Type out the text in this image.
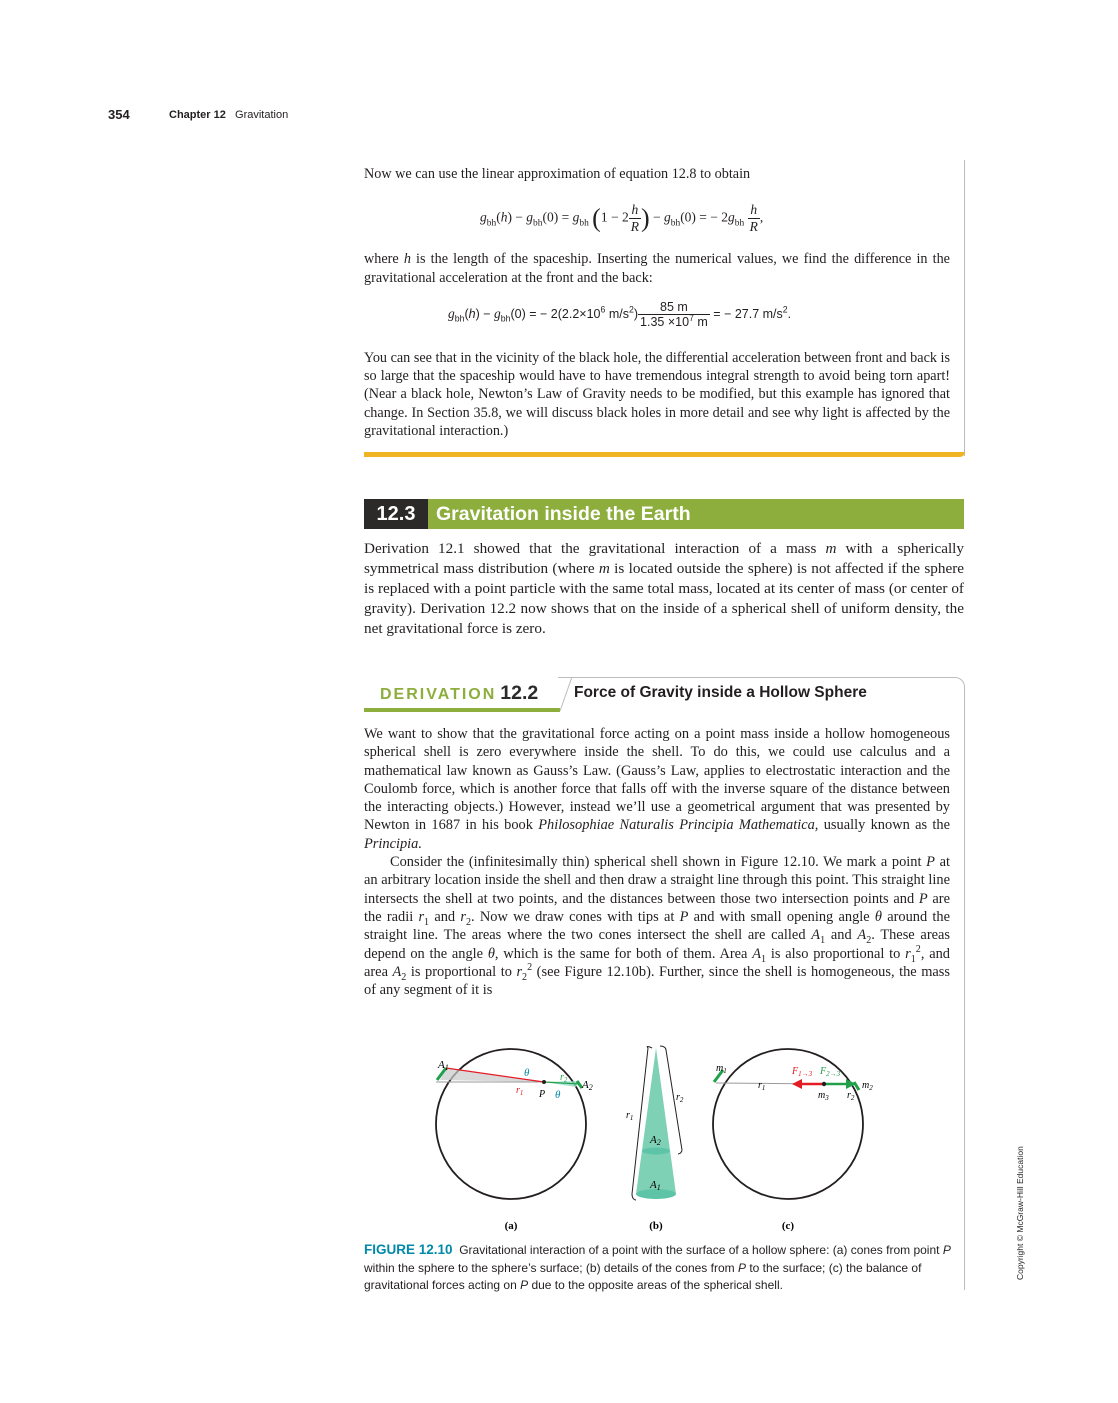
354	Chapter 12 Gravitation
Now we can use the linear approximation of equation 12.8 to obtain
$g_{bh}(h) - g_{bh}(0) = g_{bh}$ ($1 - 2 \frac{h}{R}$ ) − $g_{bh}(0)$ = − $2g_{bh} \frac{h}{R}$ ,
where h is the length of the spaceship. Inserting the numerical values, we find the difference in the gravitational acceleration at the front and the back:
$g_{bh}(h) - g_{bh}(0)$ = − $2(2.2\times 10^6$ $m/s^2) \frac{85 m}{1.35 \times 10^7 m}$ = − 27.7 $m/s^2$.
You can see that in the vicinity of the black hole, the differential acceleration between front and back is so large that the spaceship would have to have tremendous integral strength to avoid being torn apart! (Near a black hole, Newton’s Law of Gravity needs to be modified, but this example has ignored that change. In Section 35.8, we will discuss black holes in more detail and see why light is affected by the gravitational interaction.)
12.3	Gravitation inside the Earth
Derivation 12.1 showed that the gravitational interaction of a mass m with a spherically symmetrical mass distribution (where m is located outside the sphere) is not affected if the sphere is replaced with a point particle with the same total mass, located at its center of mass (or center of gravity). Derivation 12.2 now shows that on the inside of a spherical shell of uniform density, the net gravitational force is zero.
DERIVATION 12.2 Force of Gravity inside a Hollow Sphere

We want to show that the gravitational force acting on a point mass inside a hollow homogeneous spherical shell is zero everywhere inside the shell. To do this, we could use calculus and a mathematical law known as Gauss’s Law. (Gauss’s Law, applies to electrostatic interaction and the Coulomb force, which is another force that falls off with the inverse square of the distance between the interacting objects.) However, instead we’ll use a geometrical argument that was presented by Newton in 1687 in his book Philosophiae Naturalis Principia Mathematica, usually known as the Principia.

Consider the (infinitesimally thin) spherical shell shown in Figure 12.10. We mark a point P at an arbitrary location inside the shell and then draw a straight line through this point. This straight line intersects the shell at two points, and the distances between those two intersection points and P are the radii $r_1$ and $r_2$. Now we draw cones with tips at P and with small opening angle θ around the straight line. The areas where the two cones intersect the shell are called $A_1$ and $A_2$. These areas depend on the angle θ, which is the same for both of them. Area $A_1$ is also proportional to $r_1^2$, and area $A_2$ is proportional to $r_2^2$ (see Figure 12.10b). Further, since the shell is homogeneous, the mass of any segment of it is

A1	θ	$r_2$ A2
$r_1$ P θ
(a)
$r_1$
$r_2$
A2
A1
(b)
$m_1$	$F_{1\to 3}$ $F_{2\to 3}$
$m_2$
$r_1$
$m_3$ $r_2$
(c)
FIGURE 12.10 Gravitational interaction of a point with the surface of a hollow sphere: (a) cones from point P within the sphere to the sphere’s surface; (b) details of the cones from P to the surface; (c) the balance of gravitational forces acting on P due to the opposite areas of the spherical shell.
Copyright © McGraw-Hill Education
